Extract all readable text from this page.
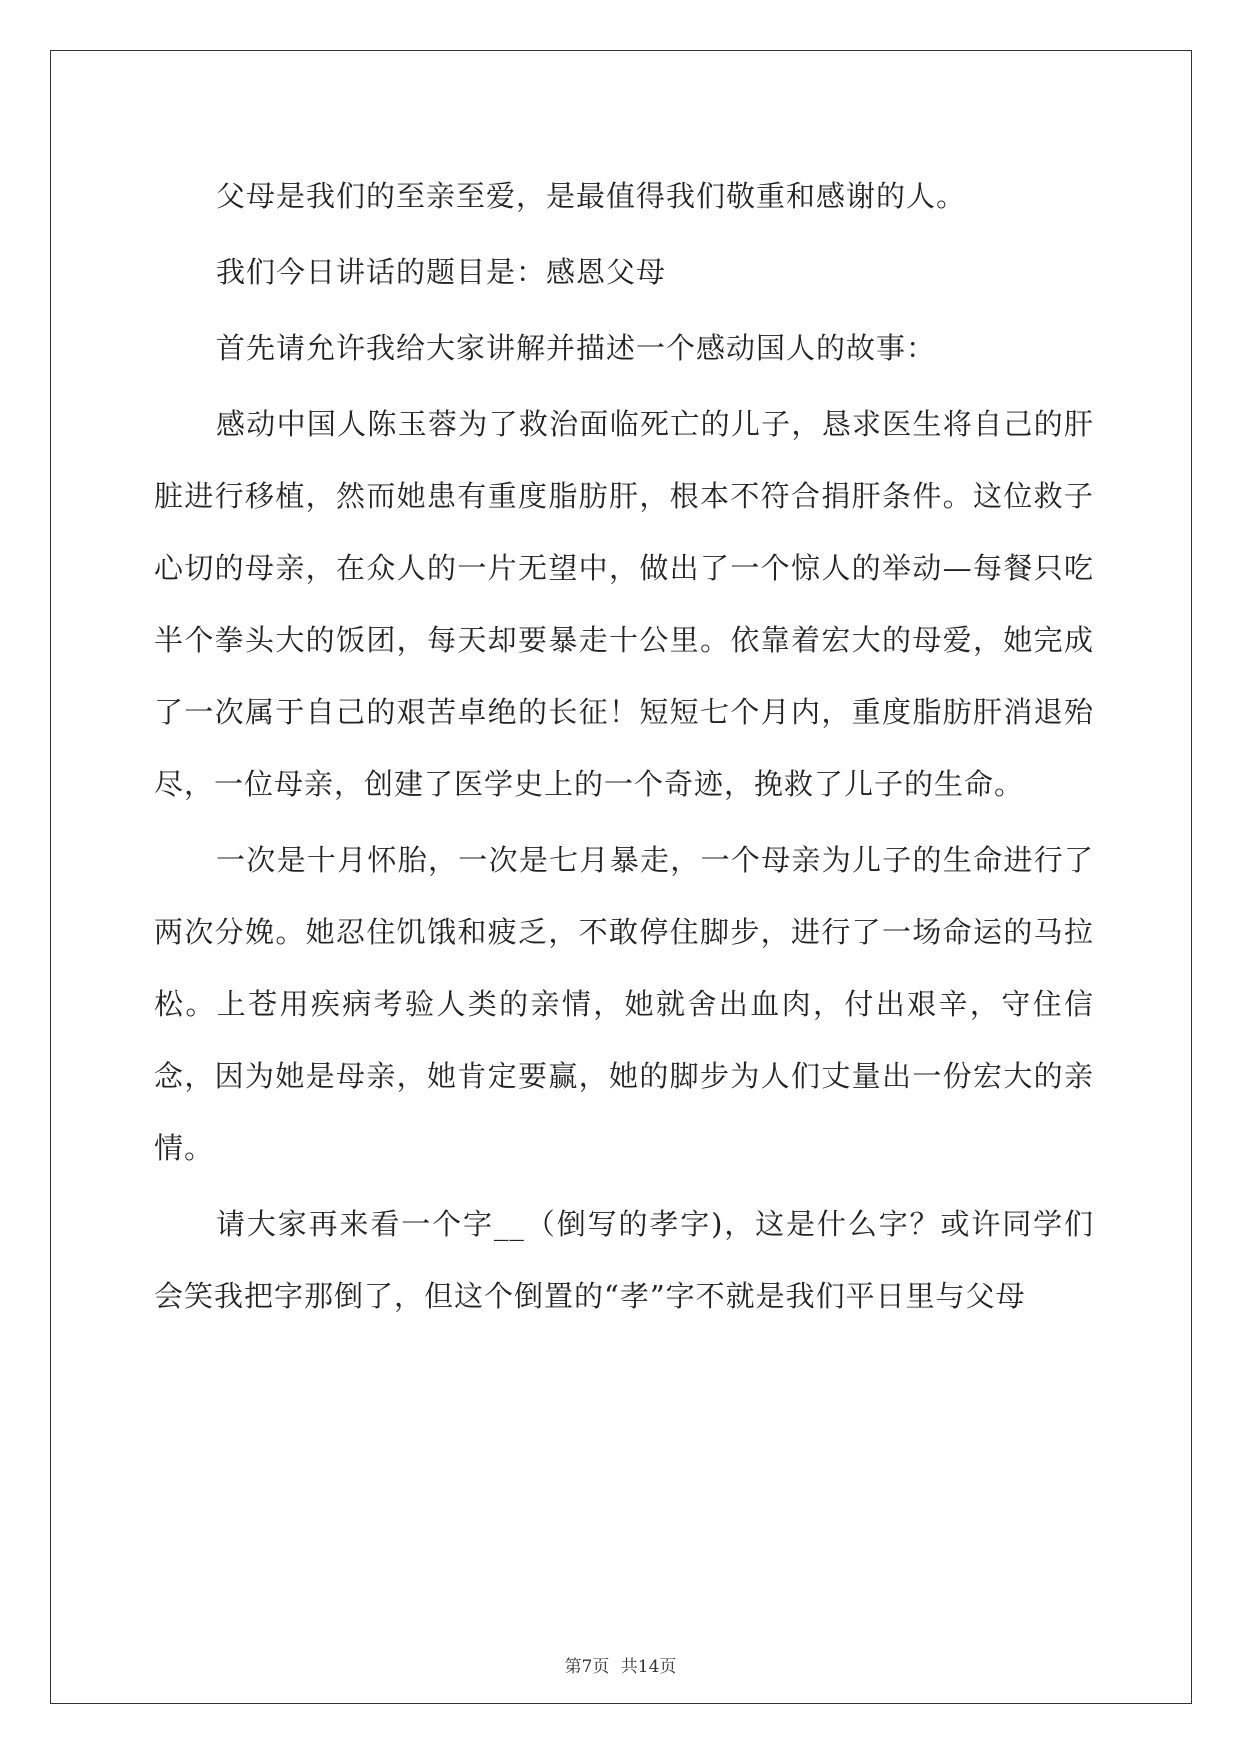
父母是我们的至亲至爱，是最值得我们敬重和感谢的人。

我们今日讲话的题目是：感恩父母

首先请允许我给大家讲解并描述一个感动国人的故事：

感动中国人陈玉蓉为了救治面临死亡的儿子，恳求医生将自己的肝脏进行移植，然而她患有重度脂肪肝，根本不符合捐肝条件。这位救子心切的母亲，在众人的一片无望中，做出了一个惊人的举动—每餐只吃半个拳头大的饭团，每天却要暴走十公里。依靠着宏大的母爱，她完成了一次属于自己的艰苦卓绝的长征！短短七个月内，重度脂肪肝消退殆尽，一位母亲，创建了医学史上的一个奇迹，挽救了儿子的生命。

一次是十月怀胎，一次是七月暴走，一个母亲为儿子的生命进行了两次分娩。她忍住饥饿和疲乏，不敢停住脚步，进行了一场命运的马拉松。上苍用疾病考验人类的亲情，她就舍出血肉，付出艰辛，守住信念，因为她是母亲，她肯定要赢，她的脚步为人们丈量出一份宏大的亲情。

请大家再来看一个字__（倒写的孝字)，这是什么字？或许同学们会笑我把字那倒了，但这个倒置的“孝”字不就是我们平日里与父母

第7页 共14页
